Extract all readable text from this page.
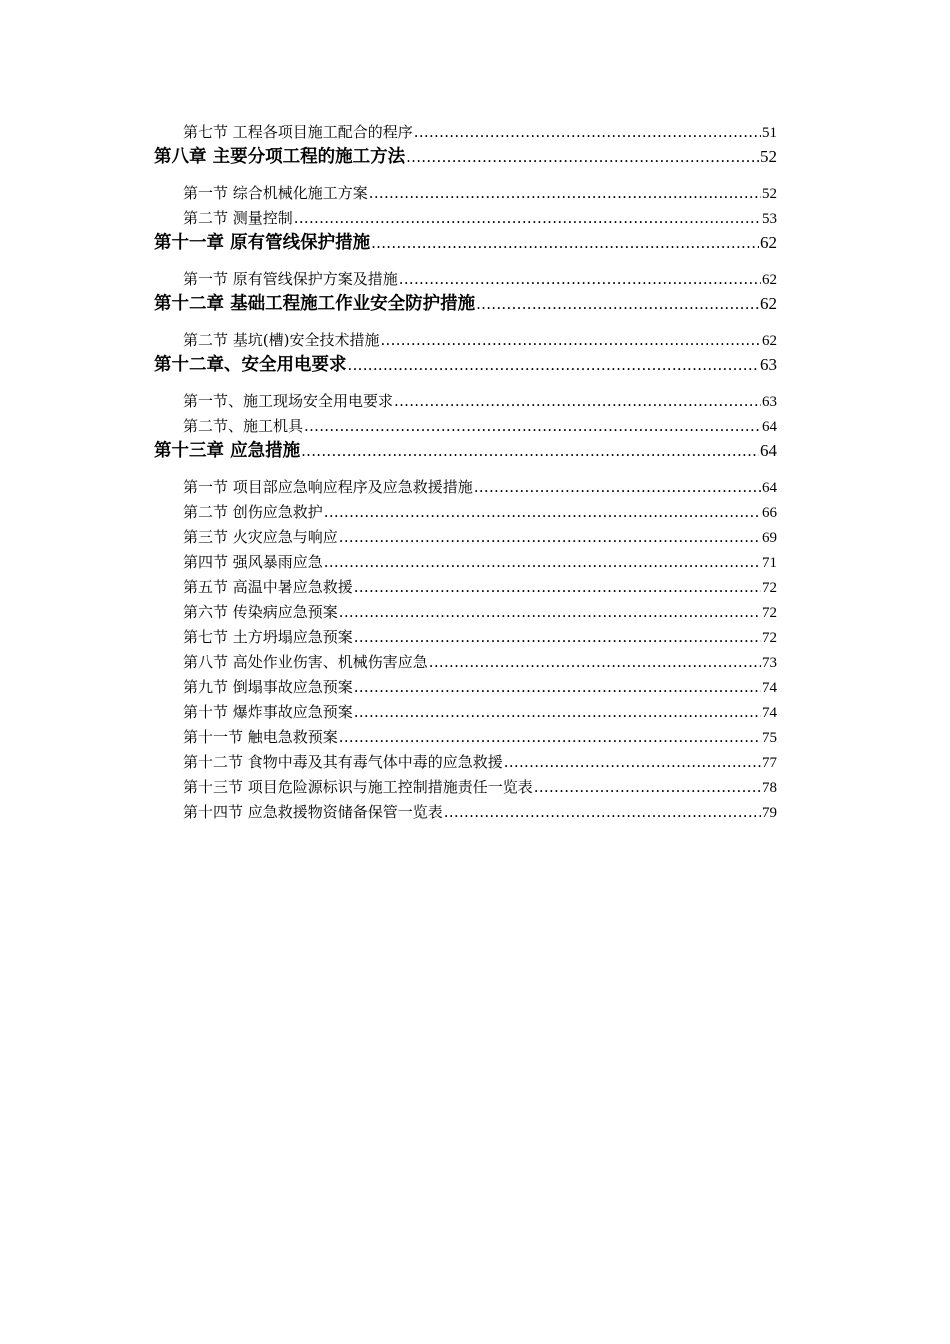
第七节 工程各项目施工配合的程序 .....	51
第八章 主要分项工程的施工方法 .....	52
第一节 综合机械化施工方案 .....	52
第二节 测量控制 .....	53
第十一章 原有管线保护措施 .....	62
第一节 原有管线保护方案及措施 .....	62
第十二章 基础工程施工作业安全防护措施 .....	62
第二节 基坑(槽)安全技术措施 .....	62
第十二章、安全用电要求 .....	63
第一节、施工现场安全用电要求 .....	63
第二节、施工机具 .....	64
第十三章 应急措施 .....	64
第一节 项目部应急响应程序及应急救援措施 .....	64
第二节 创伤应急救护 .....	66
第三节 火灾应急与响应 .....	69
第四节 强风暴雨应急 .....	71
第五节 高温中暑应急救援 .....	72
第六节 传染病应急预案 .....	72
第七节 土方坍塌应急预案 .....	72
第八节 高处作业伤害、机械伤害应急 .....	73
第九节 倒塌事故应急预案 .....	74
第十节 爆炸事故应急预案 .....	74
第十一节 触电急救预案 .....	75
第十二节 食物中毒及其有毒气体中毒的应急救援 .....	77
第十三节 项目危险源标识与施工控制措施责任一览表 .....	78
第十四节 应急救援物资储备保管一览表 .....	79
